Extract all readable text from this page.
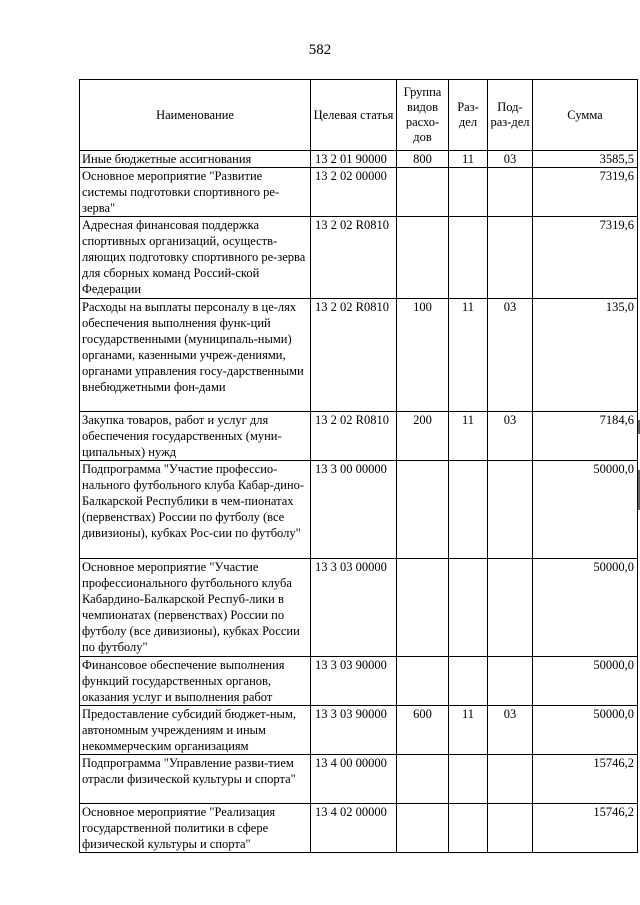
582
Наименование	Целевая статья	Группа видов расхо-дов	Раз-дел	Под-раз-дел	Сумма
Иные бюджетные ассигнования	13 2 01 90000	800	11	03	3585,5
Основное мероприятие "Развитие системы подготовки спортивного ре-зерва"	13 2 02 00000				7319,6
Адресная финансовая поддержка спортивных организаций, осуществ-ляющих подготовку спортивного ре-зерва для сборных команд Россий-ской Федерации	13 2 02 R0810				7319,6
Расходы на выплаты персоналу в це-лях обеспечения выполнения функ-ций государственными (муниципаль-ными) органами, казенными учреж-дениями, органами управления госу-дарственными внебюджетными фон-дами	13 2 02 R0810	100	11	03	135,0
Закупка товаров, работ и услуг для обеспечения государственных (муни-ципальных) нужд	13 2 02 R0810	200	11	03	7184,6
Подпрограмма "Участие профессио-нального футбольного клуба Кабар-дино-Балкарской Республики в чем-пионатах (первенствах) России по футболу (все дивизионы), кубках Рос-сии по футболу"	13 3 00 00000				50000,0
Основное мероприятие "Участие профессионального футбольного клуба Кабардино-Балкарской Респуб-лики в чемпионатах (первенствах) России по футболу (все дивизионы), кубках России по футболу"	13 3 03 00000				50000,0
Финансовое обеспечение выполнения функций государственных органов, оказания услуг и выполнения работ	13 3 03 90000				50000,0
Предоставление субсидий бюджет-ным, автономным учреждениям и иным некоммерческим организациям	13 3 03 90000	600	11	03	50000,0
Подпрограмма "Управление разви-тием отрасли физической культуры и спорта"	13 4 00 00000				15746,2
Основное мероприятие "Реализация государственной политики в сфере физической культуры и спорта"	13 4 02 00000				15746,2
